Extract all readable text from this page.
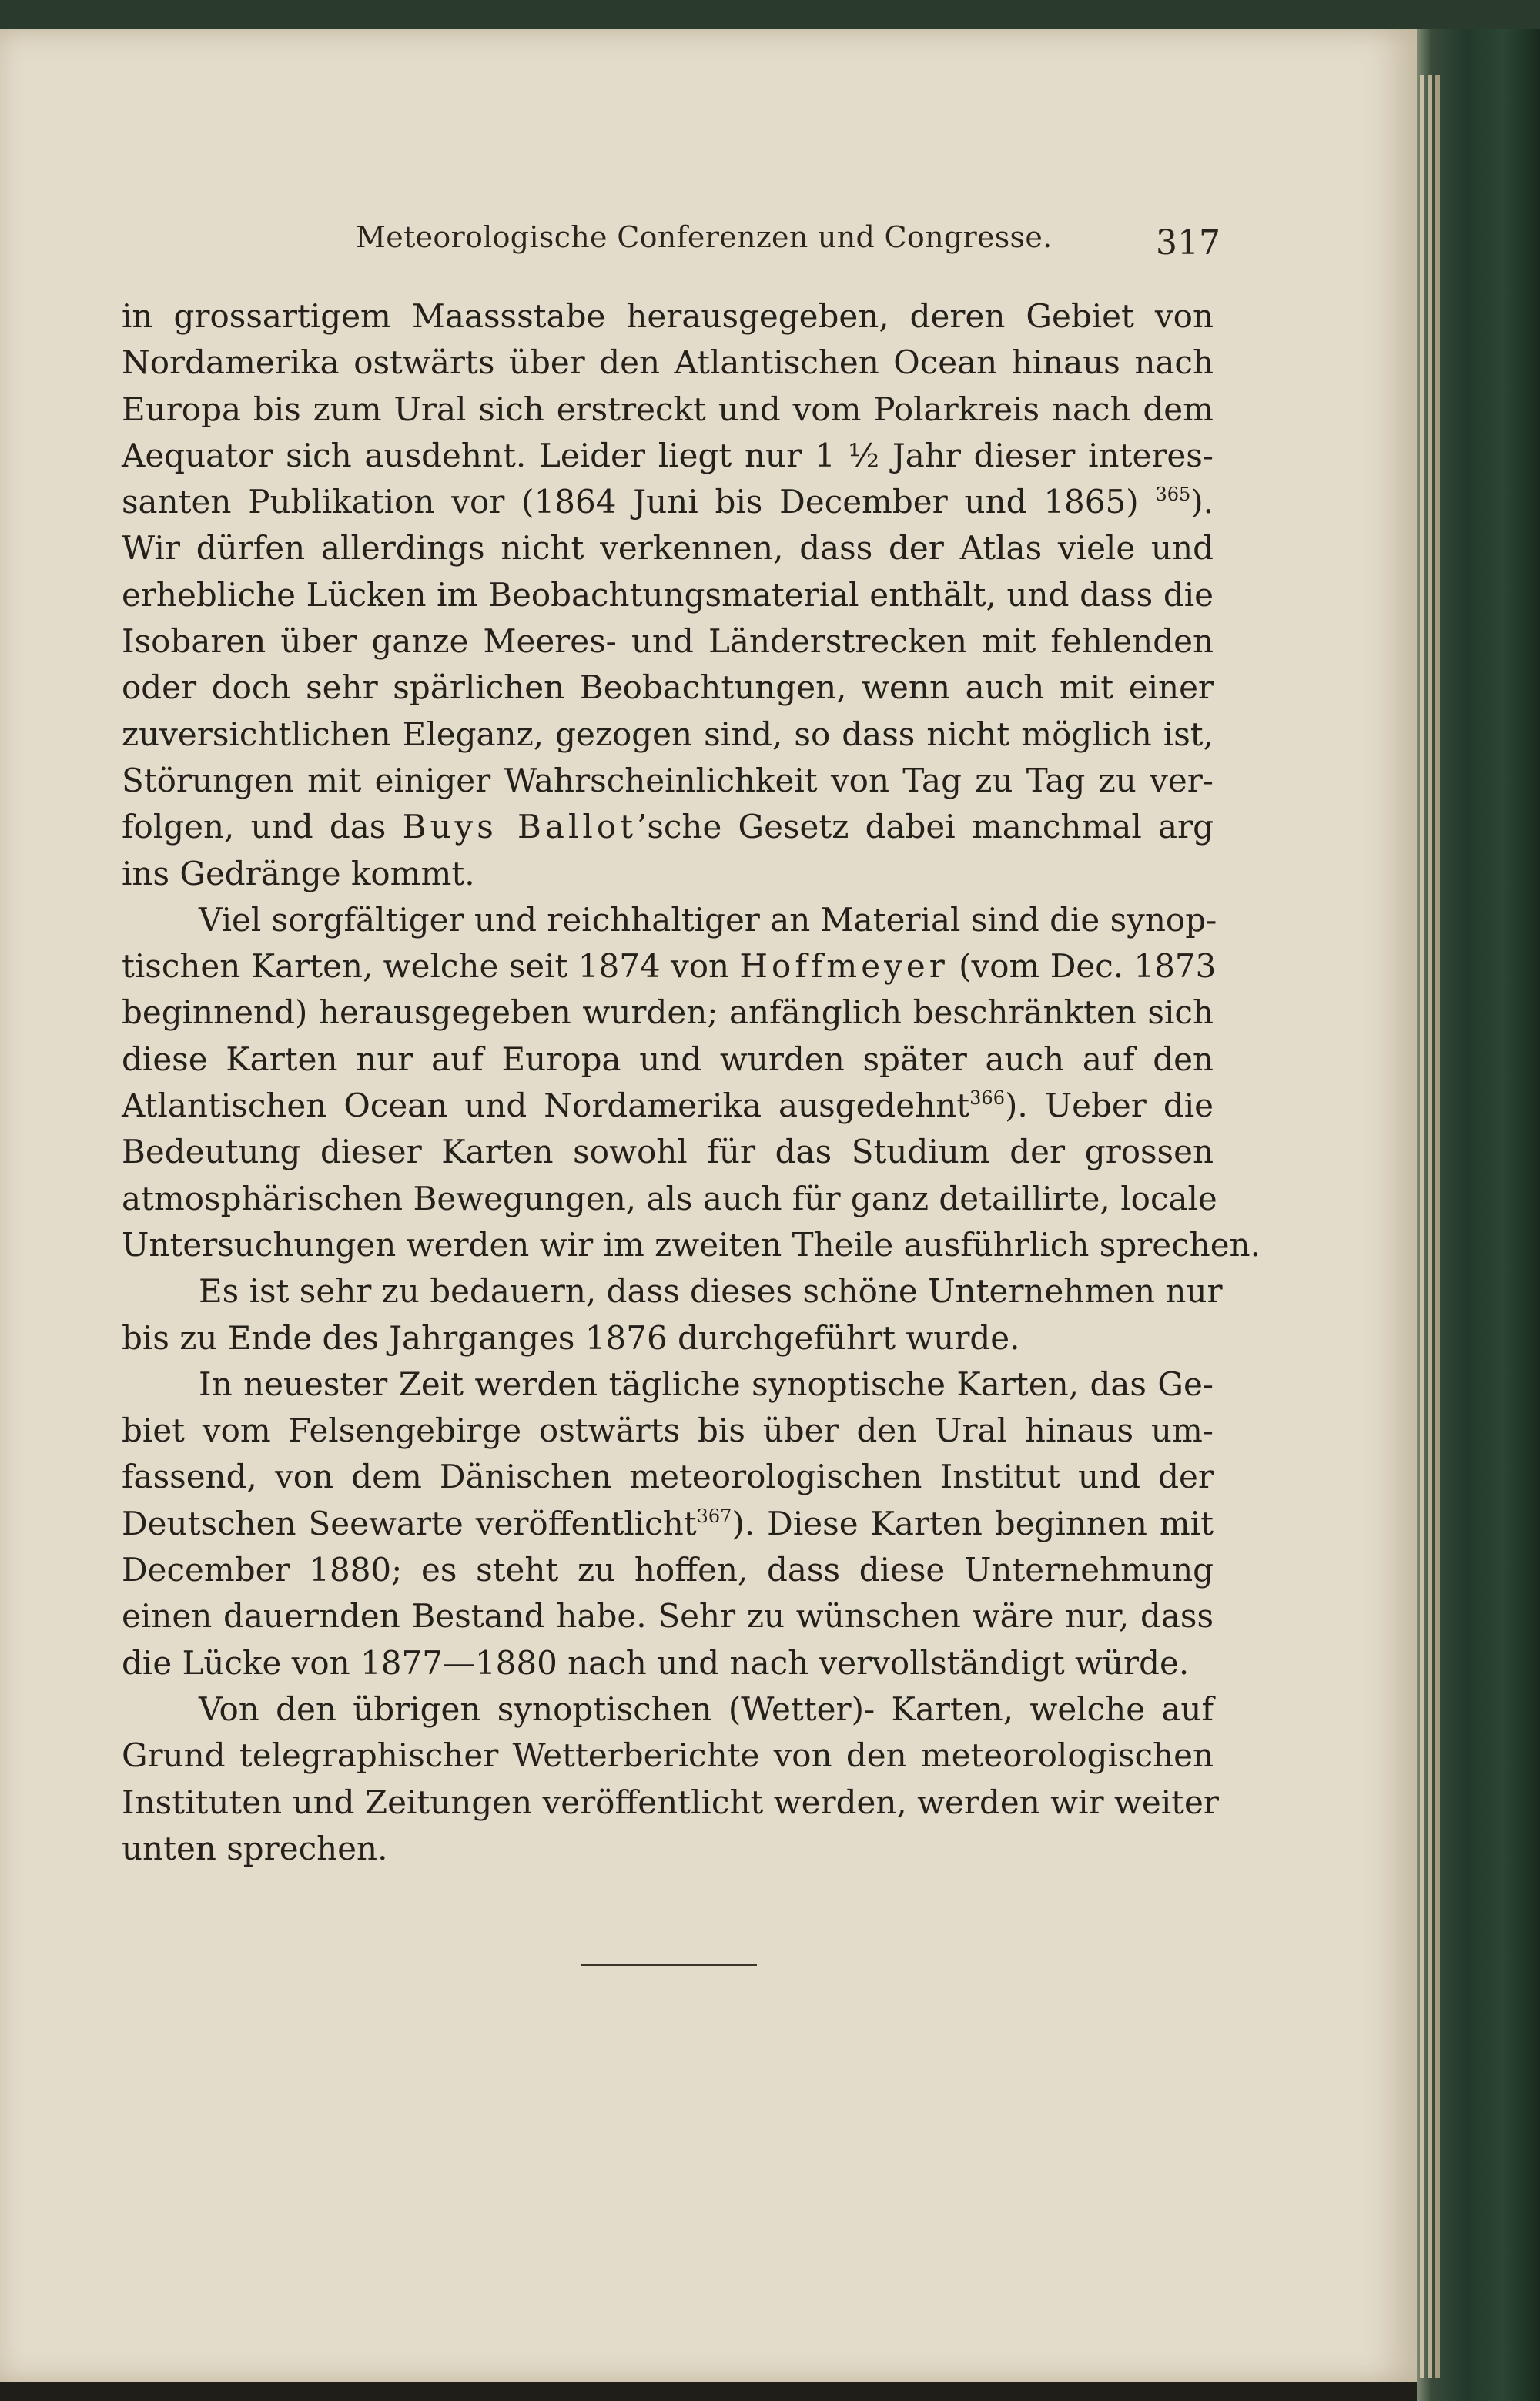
Meteorologische Conferenzen und Congresse.	317
in grossartigem Maassstabe herausgegeben, deren Gebiet von
Nordamerika ostwärts über den Atlantischen Ocean hinaus nach
Europa bis zum Ural sich erstreckt und vom Polarkreis nach dem
Aequator sich ausdehnt. Leider liegt nur 1 ½ Jahr dieser interes-
santen Publikation vor (1864 Juni bis December und 1865) $^{365}$).
Wir dürfen allerdings nicht verkennen, dass der Atlas viele und
erhebliche Lücken im Beobachtungsmaterial enthält, und dass die
Isobaren über ganze Meeres- und Länderstrecken mit fehlenden
oder doch sehr spärlichen Beobachtungen, wenn auch mit einer
zuversichtlichen Eleganz, gezogen sind, so dass nicht möglich ist,
Störungen mit einiger Wahrscheinlichkeit von Tag zu Tag zu ver-
folgen, und das Buys Ballot’sche Gesetz dabei manchmal arg
ins Gedränge kommt.
Viel sorgfältiger und reichhaltiger an Material sind die synop-
tischen Karten, welche seit 1874 von Hoffmeyer (vom Dec. 1873
beginnend) herausgegeben wurden; anfänglich beschränkten sich
diese Karten nur auf Europa und wurden später auch auf den
Atlantischen Ocean und Nordamerika ausgedehnt$^{366}$). Ueber die
Bedeutung dieser Karten sowohl für das Studium der grossen
atmosphärischen Bewegungen, als auch für ganz detaillirte, locale
Untersuchungen werden wir im zweiten Theile ausführlich sprechen.
Es ist sehr zu bedauern, dass dieses schöne Unternehmen nur
bis zu Ende des Jahrganges 1876 durchgeführt wurde.
In neuester Zeit werden tägliche synoptische Karten, das Ge-
biet vom Felsengebirge ostwärts bis über den Ural hinaus um-
fassend, von dem Dänischen meteorologischen Institut und der
Deutschen Seewarte veröffentlicht$^{367}$). Diese Karten beginnen mit
December 1880; es steht zu hoffen, dass diese Unternehmung
einen dauernden Bestand habe. Sehr zu wünschen wäre nur, dass
die Lücke von 1877—1880 nach und nach vervollständigt würde.
Von den übrigen synoptischen (Wetter)- Karten, welche auf
Grund telegraphischer Wetterberichte von den meteorologischen
Instituten und Zeitungen veröffentlicht werden, werden wir weiter
unten sprechen.
